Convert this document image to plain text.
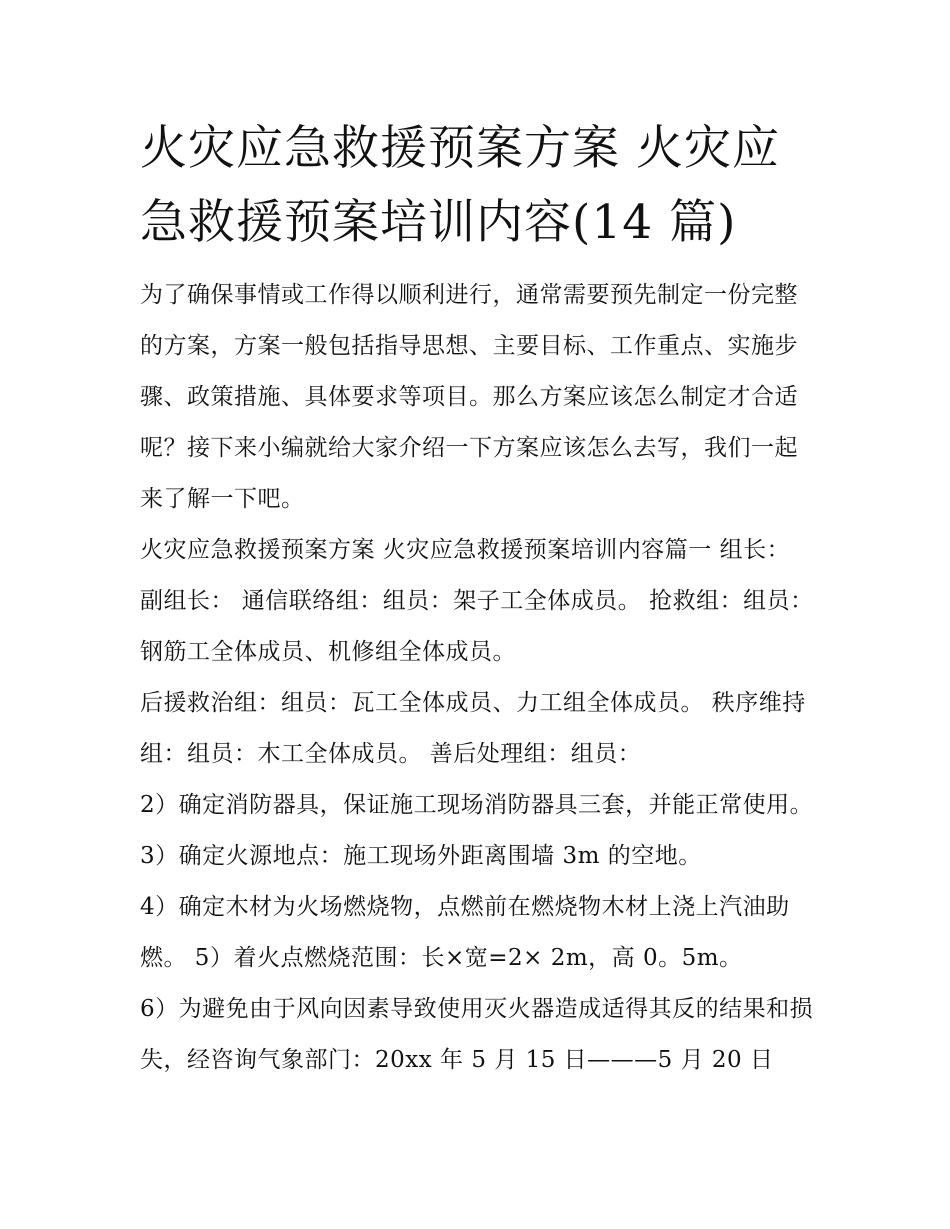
火灾应急救援预案方案 火灾应急救援预案培训内容(14 篇)

为了确保事情或工作得以顺利进行，通常需要预先制定一份完整的方案，方案一般包括指导思想、主要目标、工作重点、实施步骤、政策措施、具体要求等项目。那么方案应该怎么制定才合适呢？接下来小编就给大家介绍一下方案应该怎么去写，我们一起来了解一下吧。

火灾应急救援预案方案 火灾应急救援预案培训内容篇一 组长： 副组长： 通信联络组：组员：架子工全体成员。 抢救组：组员：钢筋工全体成员、机修组全体成员。

后援救治组：组员：瓦工全体成员、力工组全体成员。 秩序维持组：组员：木工全体成员。 善后处理组：组员：

2）确定消防器具，保证施工现场消防器具三套，并能正常使用。 3）确定火源地点：施工现场外距离围墙 3m 的空地。

4）确定木材为火场燃烧物，点燃前在燃烧物木材上浇上汽油助燃。 5）着火点燃烧范围：长×宽=2× 2m，高 0。5m。

6）为避免由于风向因素导致使用灭火器造成适得其反的结果和损失，经咨询气象部门：20xx 年 5 月 15 日———5 月 20 日
